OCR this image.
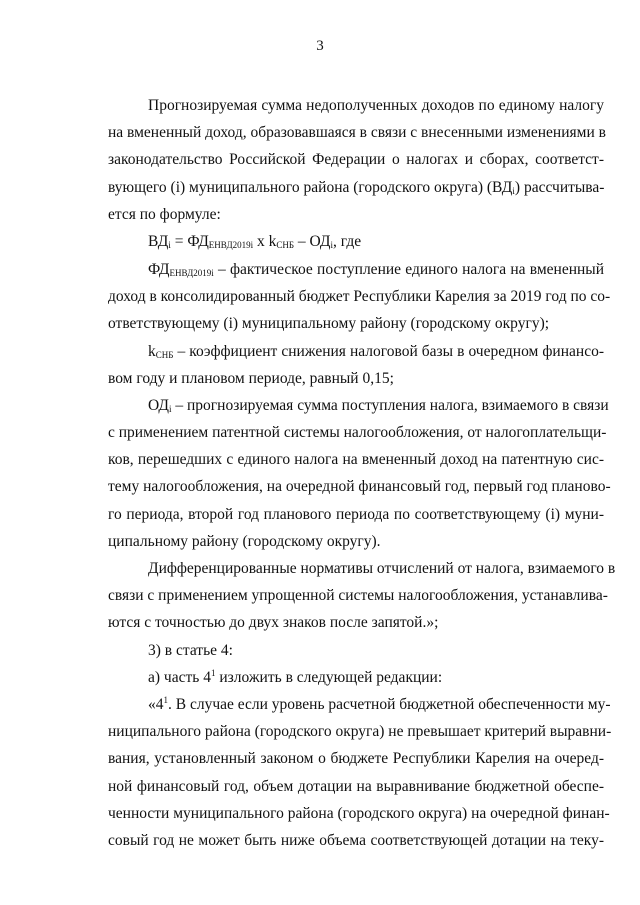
3
Прогнозируемая сумма недополученных доходов по единому налогу
на вмененный доход, образовавшаяся в связи с внесенными изменениями в
законодательство Российской Федерации о налогах и сборах, соответст-
вующего (i) муниципального района (городского округа) $(ВД_i)$ рассчитыва-
ется по формуле:
$ВД_i = ФД_{ЕНВД2019i}$ x $k_{СНБ} - ОД_i$, где
$ФД_{ЕНВД2019i}$ – фактическое поступление единого налога на вмененный
доход в консолидированный бюджет Республики Карелия за 2019 год по со-
ответствующему (i) муниципальному району (городскому округу);
$k_{СНБ}$ – коэффициент снижения налоговой базы в очередном финансо-
вом году и плановом периоде, равный 0,15;
$ОД_i$ – прогнозируемая сумма поступления налога, взимаемого в связи
с применением патентной системы налогообложения, от налогоплательщи-
ков, перешедших с единого налога на вмененный доход на патентную сис-
тему налогообложения, на очередной финансовый год, первый год планово-
го периода, второй год планового периода по соответствующему (i) муни-
ципальному району (городскому округу).
Дифференцированные нормативы отчислений от налога, взимаемого в
связи с применением упрощенной системы налогообложения, устанавлива-
ются с точностью до двух знаков после запятой.»;
3) в статье 4:
а) часть $4^1$ изложить в следующей редакции:
«$4^1$. В случае если уровень расчетной бюджетной обеспеченности му-
ниципального района (городского округа) не превышает критерий выравни-
вания, установленный законом о бюджете Республики Карелия на очеред-
ной финансовый год, объем дотации на выравнивание бюджетной обеспе-
ченности муниципального района (городского округа) на очередной финан-
совый год не может быть ниже объема соответствующей дотации на теку-
